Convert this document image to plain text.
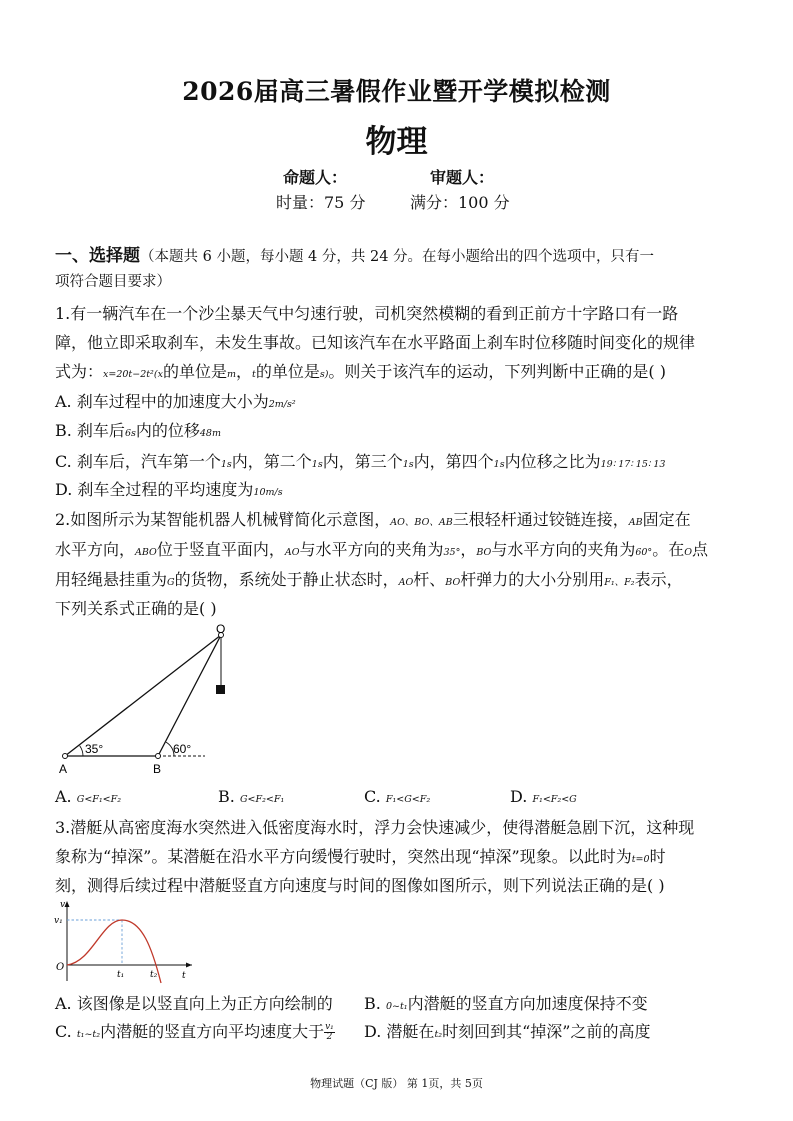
2026届高三暑假作业暨开学模拟检测
物理
命题人：	审题人：
时量：75 分	满分：100 分
一、选择题（本题共 6 小题，每小题 4 分，共 24 分。在每小题给出的四个选项中，只有一
项符合题目要求）
1.有一辆汽车在一个沙尘暴天气中匀速行驶，司机突然模糊的看到正前方十字路口有一路
障，他立即采取刹车，未发生事故。已知该汽车在水平路面上刹车时位移随时间变化的规律
式为：x=20t−2t²(x的单位是m，t的单位是s)。则关于该汽车的运动，下列判断中正确的是( )
A. 刹车过程中的加速度大小为2m/s²
B. 刹车后6s内的位移48m
C. 刹车后，汽车第一个1s内，第二个1s内，第三个1s内，第四个1s内位移之比为19∶ 17∶ 15∶ 13
D. 刹车全过程的平均速度为10m/s
2.如图所示为某智能机器人机械臂简化示意图，AO、BO、AB三根轻杆通过铰链连接，AB固定在
水平方向，ABO位于竖直平面内，AO与水平方向的夹角为35°，BO与水平方向的夹角为60°。在O点
用轻绳悬挂重为G的货物，系统处于静止状态时，AO杆、BO杆弹力的大小分别用F₁、F₂表示，
下列关系式正确的是( )
O
A	B
35°	60°
A. G<F₁<F₂	B. G<F₂<F₁	C. F₁<G<F₂	D. F₁<F₂<G
3.潜艇从高密度海水突然进入低密度海水时，浮力会快速减少，使得潜艇急剧下沉，这种现
象称为“掉深”。某潜艇在沿水平方向缓慢行驶时，突然出现“掉深”现象。以此时为t=0时
刻，测得后续过程中潜艇竖直方向速度与时间的图像如图所示，则下列说法正确的是( )
v
v₁
O
t
t₁	t₂
A. 该图像是以竖直向上为正方向绘制的 B. 0~t₁内潜艇的竖直方向加速度保持不变
C. t₁~t₂内潜艇的竖直方向平均速度大于 $\frac{\text{v₁}}{2} D$. 潜艇在t₂时刻回到其“掉深”之前的高度
物理试题（CJ 版） 第 1页，共 5页
